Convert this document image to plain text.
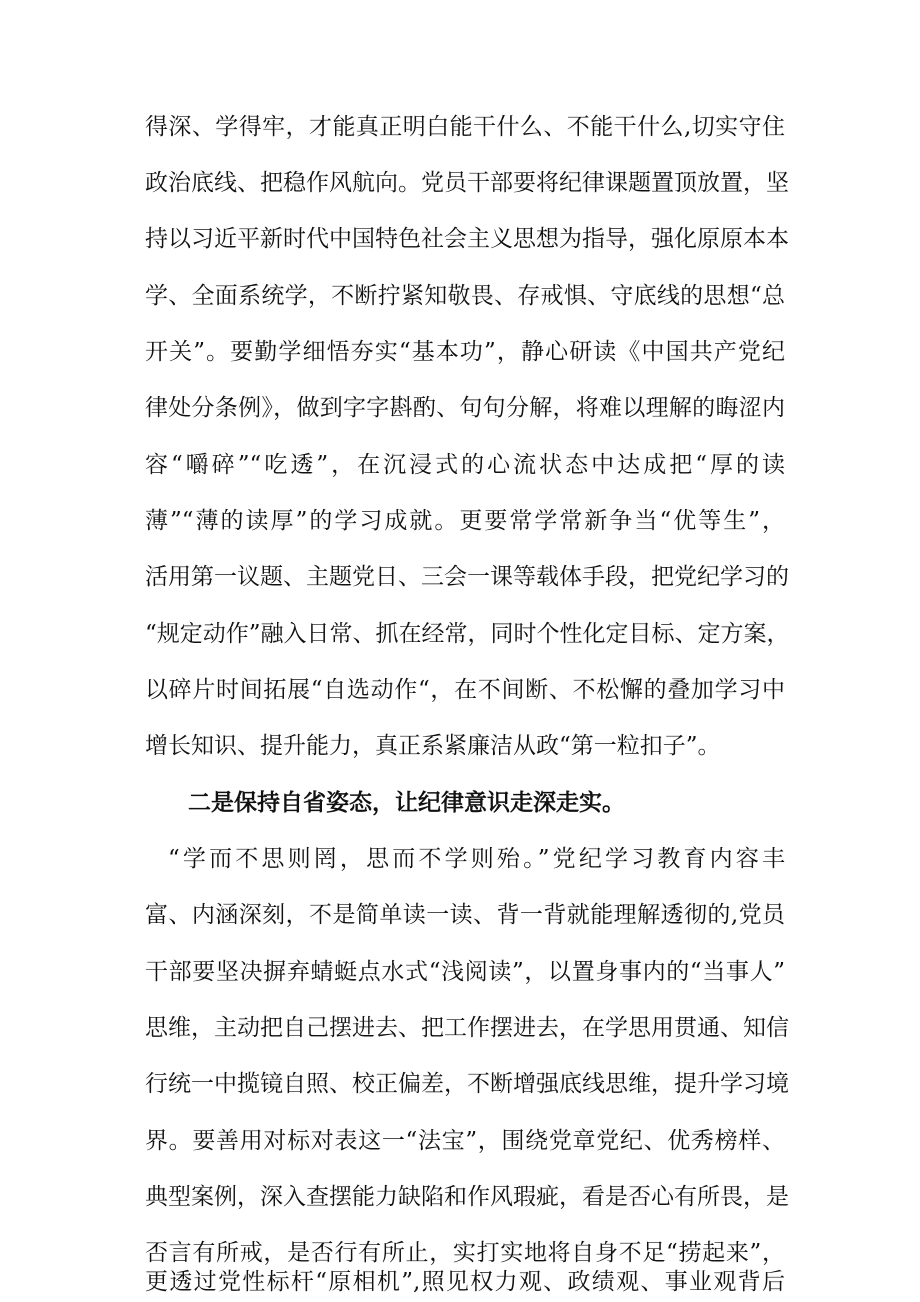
得深、学得牢，才能真正明白能干什么、不能干什么,切实守住
政治底线、把稳作风航向。党员干部要将纪律课题置顶放置，坚
持以习近平新时代中国特色社会主义思想为指导，强化原原本本
学、全面系统学，不断拧紧知敬畏、存戒惧、守底线的思想“总
开关”。要勤学细悟夯实“基本功”，静心研读《中国共产党纪
律处分条例》，做到字字斟酌、句句分解，将难以理解的晦涩内
容“嚼碎”“吃透”，在沉浸式的心流状态中达成把“厚的读
薄”“薄的读厚”的学习成就。更要常学常新争当“优等生”，
活用第一议题、主题党日、三会一课等载体手段，把党纪学习的
“规定动作”融入日常、抓在经常，同时个性化定目标、定方案，
以碎片时间拓展“自选动作“，在不间断、不松懈的叠加学习中
增长知识、提升能力，真正系紧廉洁从政“第一粒扣子”。
二是保持自省姿态，让纪律意识走深走实。
“学而不思则罔，思而不学则殆。”党纪学习教育内容丰
富、内涵深刻，不是简单读一读、背一背就能理解透彻的,党员
干部要坚决摒弃蜻蜓点水式“浅阅读”，以置身事内的“当事人”
思维，主动把自己摆进去、把工作摆进去，在学思用贯通、知信
行统一中揽镜自照、校正偏差，不断增强底线思维，提升学习境
界。要善用对标对表这一“法宝”，围绕党章党纪、优秀榜样、
典型案例，深入查摆能力缺陷和作风瑕疵，看是否心有所畏，是
否言有所戒，是否行有所止，实打实地将自身不足“捞起来”，
更透过党性标杆“原相机”,照见权力观、政绩观、事业观背后
